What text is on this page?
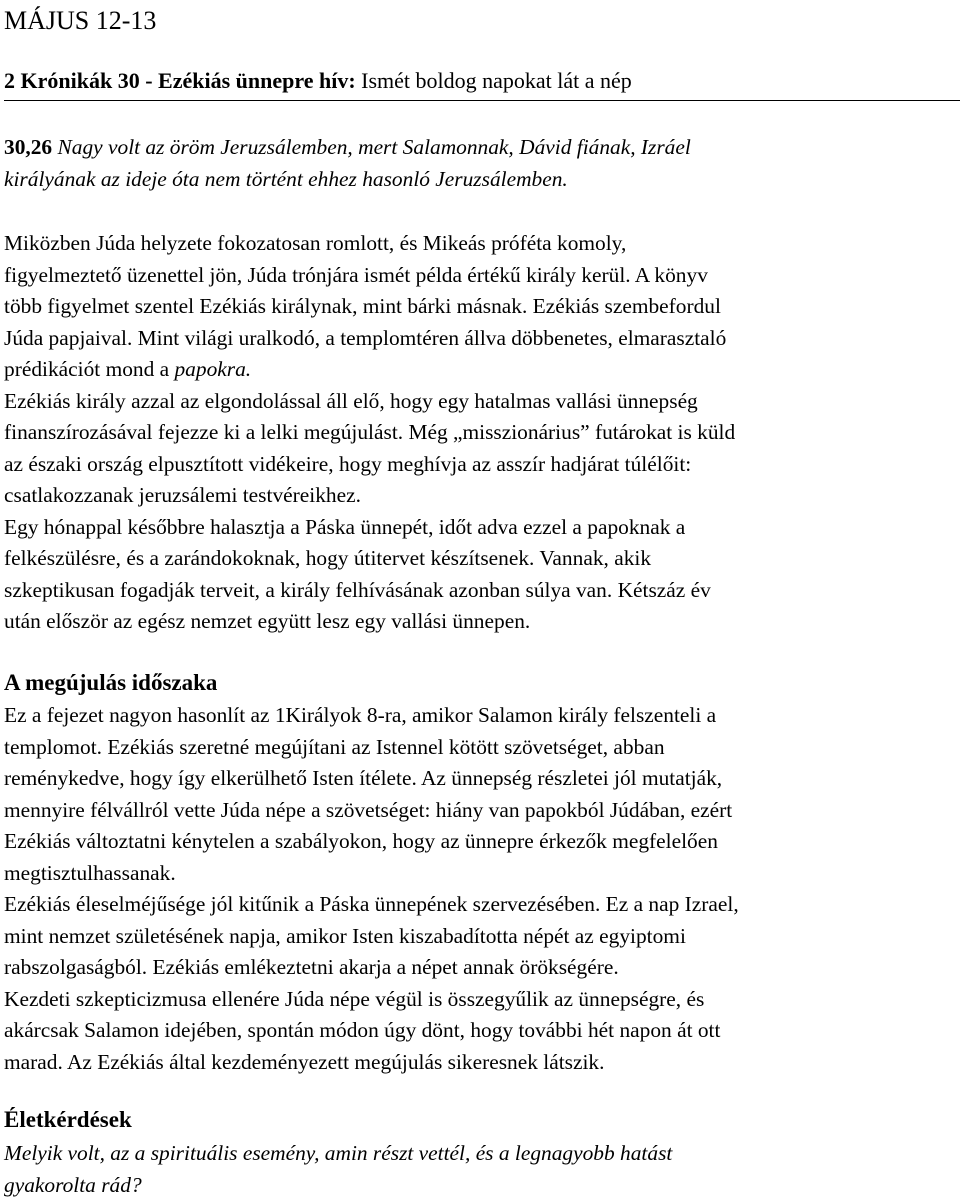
MÁJUS 12-13
2 Krónikák 30 - Ezékiás ünnepre hív: Ismét boldog napokat lát a nép
30,26 Nagy volt az öröm Jeruzsálemben, mert Salamonnak, Dávid fiának, Izráel
királyának az ideje óta nem történt ehhez hasonló Jeruzsálemben.
Miközben Júda helyzete fokozatosan romlott, és Mikeás próféta komoly,
figyelmeztető üzenettel jön, Júda trónjára ismét példa értékű király kerül. A könyv
több figyelmet szentel Ezékiás királynak, mint bárki másnak. Ezékiás szembefordul
Júda papjaival. Mint világi uralkodó, a templomtéren állva döbbenetes, elmarasztaló
prédikációt mond a papokra.
Ezékiás király azzal az elgondolással áll elő, hogy egy hatalmas vallási ünnepség
finanszírozásával fejezze ki a lelki megújulást. Még „misszionárius” futárokat is küld
az északi ország elpusztított vidékeire, hogy meghívja az asszír hadjárat túlélőit:
csatlakozzanak jeruzsálemi testvéreikhez.
Egy hónappal későbbre halasztja a Páska ünnepét, időt adva ezzel a papoknak a
felkészülésre, és a zarándokoknak, hogy útitervet készítsenek. Vannak, akik
szkeptikusan fogadják terveit, a király felhívásának azonban súlya van. Kétszáz év
után először az egész nemzet együtt lesz egy vallási ünnepen.
A megújulás időszaka
Ez a fejezet nagyon hasonlít az 1Királyok 8-ra, amikor Salamon király felszenteli a
templomot. Ezékiás szeretné megújítani az Istennel kötött szövetséget, abban
reménykedve, hogy így elkerülhető Isten ítélete. Az ünnepség részletei jól mutatják,
mennyire félvállról vette Júda népe a szövetséget: hiány van papokból Júdában, ezért
Ezékiás változtatni kénytelen a szabályokon, hogy az ünnepre érkezők megfelelően
megtisztulhassanak.
Ezékiás éleselméjűsége jól kitűnik a Páska ünnepének szervezésében. Ez a nap Izrael,
mint nemzet születésének napja, amikor Isten kiszabadította népét az egyiptomi
rabszolgaságból. Ezékiás emlékeztetni akarja a népet annak örökségére.
Kezdeti szkepticizmusa ellenére Júda népe végül is összegyűlik az ünnepségre, és
akárcsak Salamon idejében, spontán módon úgy dönt, hogy további hét napon át ott
marad. Az Ezékiás által kezdeményezett megújulás sikeresnek látszik.
Életkérdések
Melyik volt, az a spirituális esemény, amin részt vettél, és a legnagyobb hatást
gyakorolta rád?
